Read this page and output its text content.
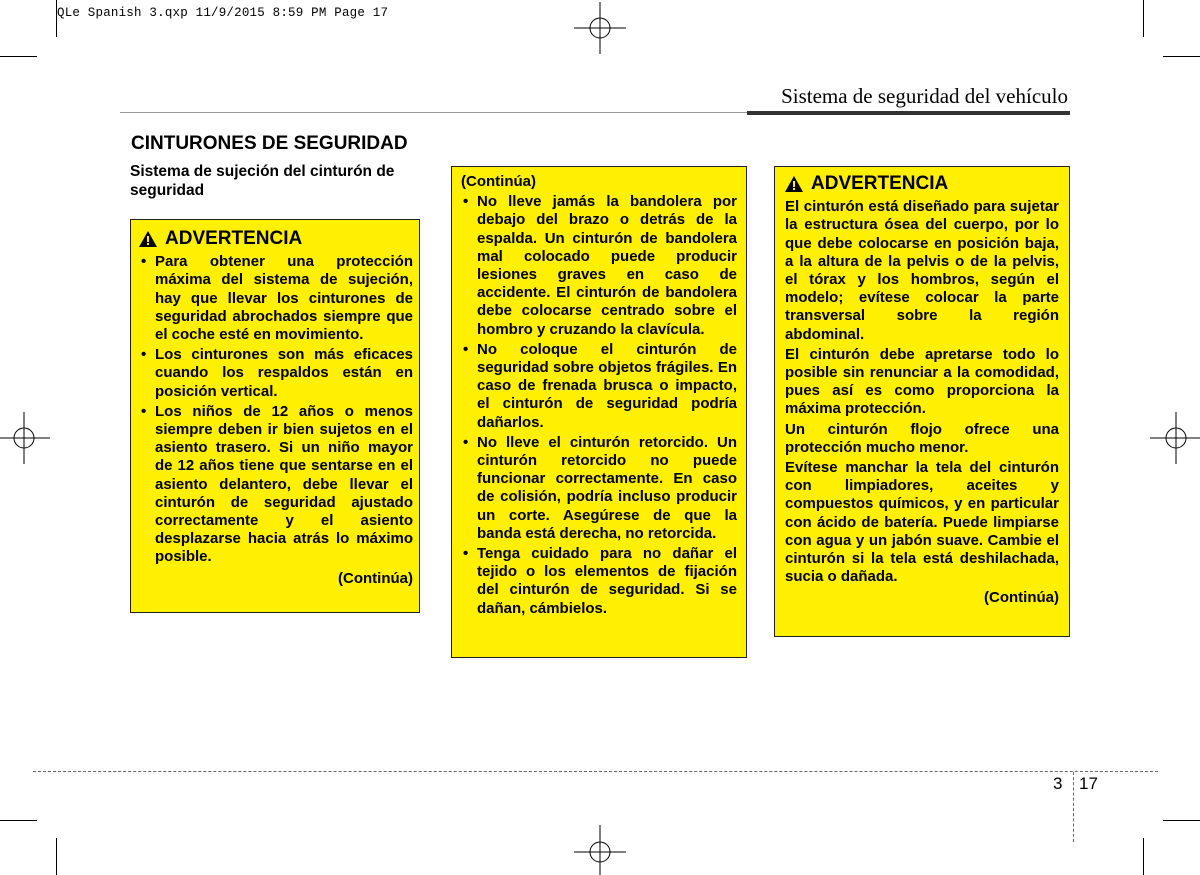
QLe Spanish 3.qxp 11/9/2015 8:59 PM Page 17
Sistema de seguridad del vehículo
CINTURONES DE SEGURIDAD
Sistema de sujeción del cinturón de seguridad
ADVERTENCIA
• Para obtener una protección máxima del sistema de sujeción, hay que llevar los cinturones de seguridad abrochados siempre que el coche esté en movimiento.
• Los cinturones son más eficaces cuando los respaldos están en posición vertical.
• Los niños de 12 años o menos siempre deben ir bien sujetos en el asiento trasero. Si un niño mayor de 12 años tiene que sentarse en el asiento delantero, debe llevar el cinturón de seguridad ajustado correctamente y el asiento desplazarse hacia atrás lo máximo posible.
(Continúa)
(Continúa)
• No lleve jamás la bandolera por debajo del brazo o detrás de la espalda. Un cinturón de bandolera mal colocado puede producir lesiones graves en caso de accidente. El cinturón de bandolera debe colocarse centrado sobre el hombro y cruzando la clavícula.
• No coloque el cinturón de seguridad sobre objetos frágiles. En caso de frenada brusca o impacto, el cinturón de seguridad podría dañarlos.
• No lleve el cinturón retorcido. Un cinturón retorcido no puede funcionar correctamente. En caso de colisión, podría incluso producir un corte. Asegúrese de que la banda está derecha, no retorcida.
• Tenga cuidado para no dañar el tejido o los elementos de fijación del cinturón de seguridad. Si se dañan, cámbielos.
ADVERTENCIA

El cinturón está diseñado para sujetar la estructura ósea del cuerpo, por lo que debe colocarse en posición baja, a la altura de la pelvis o de la pelvis, el tórax y los hombros, según el modelo; evítese colocar la parte transversal sobre la región abdominal.

El cinturón debe apretarse todo lo posible sin renunciar a la comodidad, pues así es como proporciona la máxima protección.

Un cinturón flojo ofrece una protección mucho menor.

Evítese manchar la tela del cinturón con limpiadores, aceites y compuestos químicos, y en particular con ácido de batería. Puede limpiarse con agua y un jabón suave. Cambie el cinturón si la tela está deshilachada, sucia o dañada.

(Continúa)
3 17
